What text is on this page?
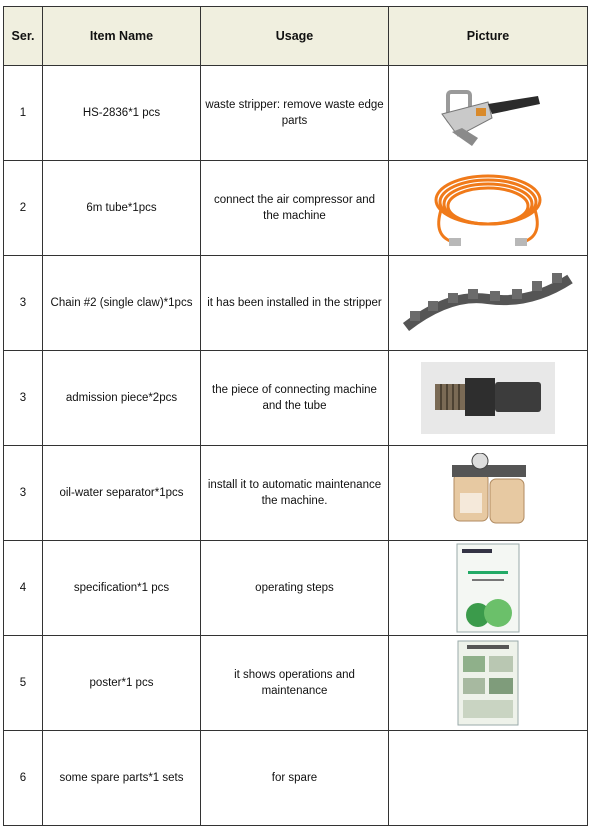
Ser.	Item Name	Usage	Picture
1	HS-2836*1 pcs	waste stripper: remove waste edge parts	

2	6m tube*1pcs	connect the air compressor and the machine	

3	Chain #2 (single claw)*1pcs	it has been installed in the stripper	

3	admission piece*2pcs	the piece of connecting machine and the tube	

3	oil-water separator*1pcs	install it to automatic maintenance the machine.	

4	specification*1 pcs	operating steps	

5	poster*1 pcs	it shows operations and maintenance	

6	some spare parts*1 sets	for spare	
